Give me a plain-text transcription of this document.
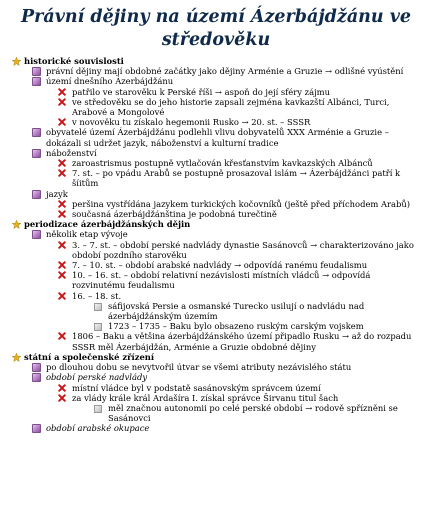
Právní dějiny na území Ázerbájdžánu ve
středověku
historické souvislosti
právní dějiny mají obdobné začátky jako dějiny Arménie a Gruzie → odlišné vyústění
území dnešního Ázerbájdžánu
patřilo ve starověku k Perské říši → aspoň do její sféry zájmu
ve středověku se do jeho historie zapsali zejména kavkazští Albánci, Turci, Arabové a Mongolové
v novověku tu získalo hegemonii Rusko → 20. st. – SSSR
obyvatelé území Ázerbájdžánu podlehli vlivu dobyvatelů XXX Arménie a Gruzie – dokázali si udržet jazyk, náboženství a kulturní tradice
náboženství
zaroastrismus postupně vytlačován křesťanstvím kavkazských Albánců
7. st. – po vpádu Arabů se postupně prosazoval islám → Ázerbájdžánci patří k šíitům
jazyk
peršina vystřídána jazykem turkických kočovníků (ještě před příchodem Arabů)
současná ázerbájdžánština je podobná turečtině
periodizace ázerbájdžánských dějin
několik etap vývoje
3. – 7. st. – období perské nadvlády dynastie Sasánovců → charakterizováno jako období pozdního starověku
7. – 10. st. – období arabské nadvlády → odpovídá ranému feudalismu
10. – 16. st. – období relativní nezávislosti místních vládců → odpovídá rozvinutému feudalismu
16. – 18. st.
sáfijovská Persie a osmanské Turecko usilují o nadvládu nad ázerbájdžánským územím
1723 – 1735 – Baku bylo obsazeno ruským carským vojskem
1806 – Baku a většina ázerbájdžánského území připadlo Rusku → až do rozpadu SSSR měl Ázerbájdžán, Arménie a Gruzie obdobné dějiny
státní a společenské zřízení
po dlouhou dobu se nevytvořil útvar se všemi atributy nezávislého státu
období perské nadvlády
místní vládce byl v podstatě sasánovským správcem území
za vlády krále král Ardašíra I. získal správce Širvanu titul šach
měl značnou autonomii po celé perské období → rodově spřízněni se Sasánovci
období arabské okupace
